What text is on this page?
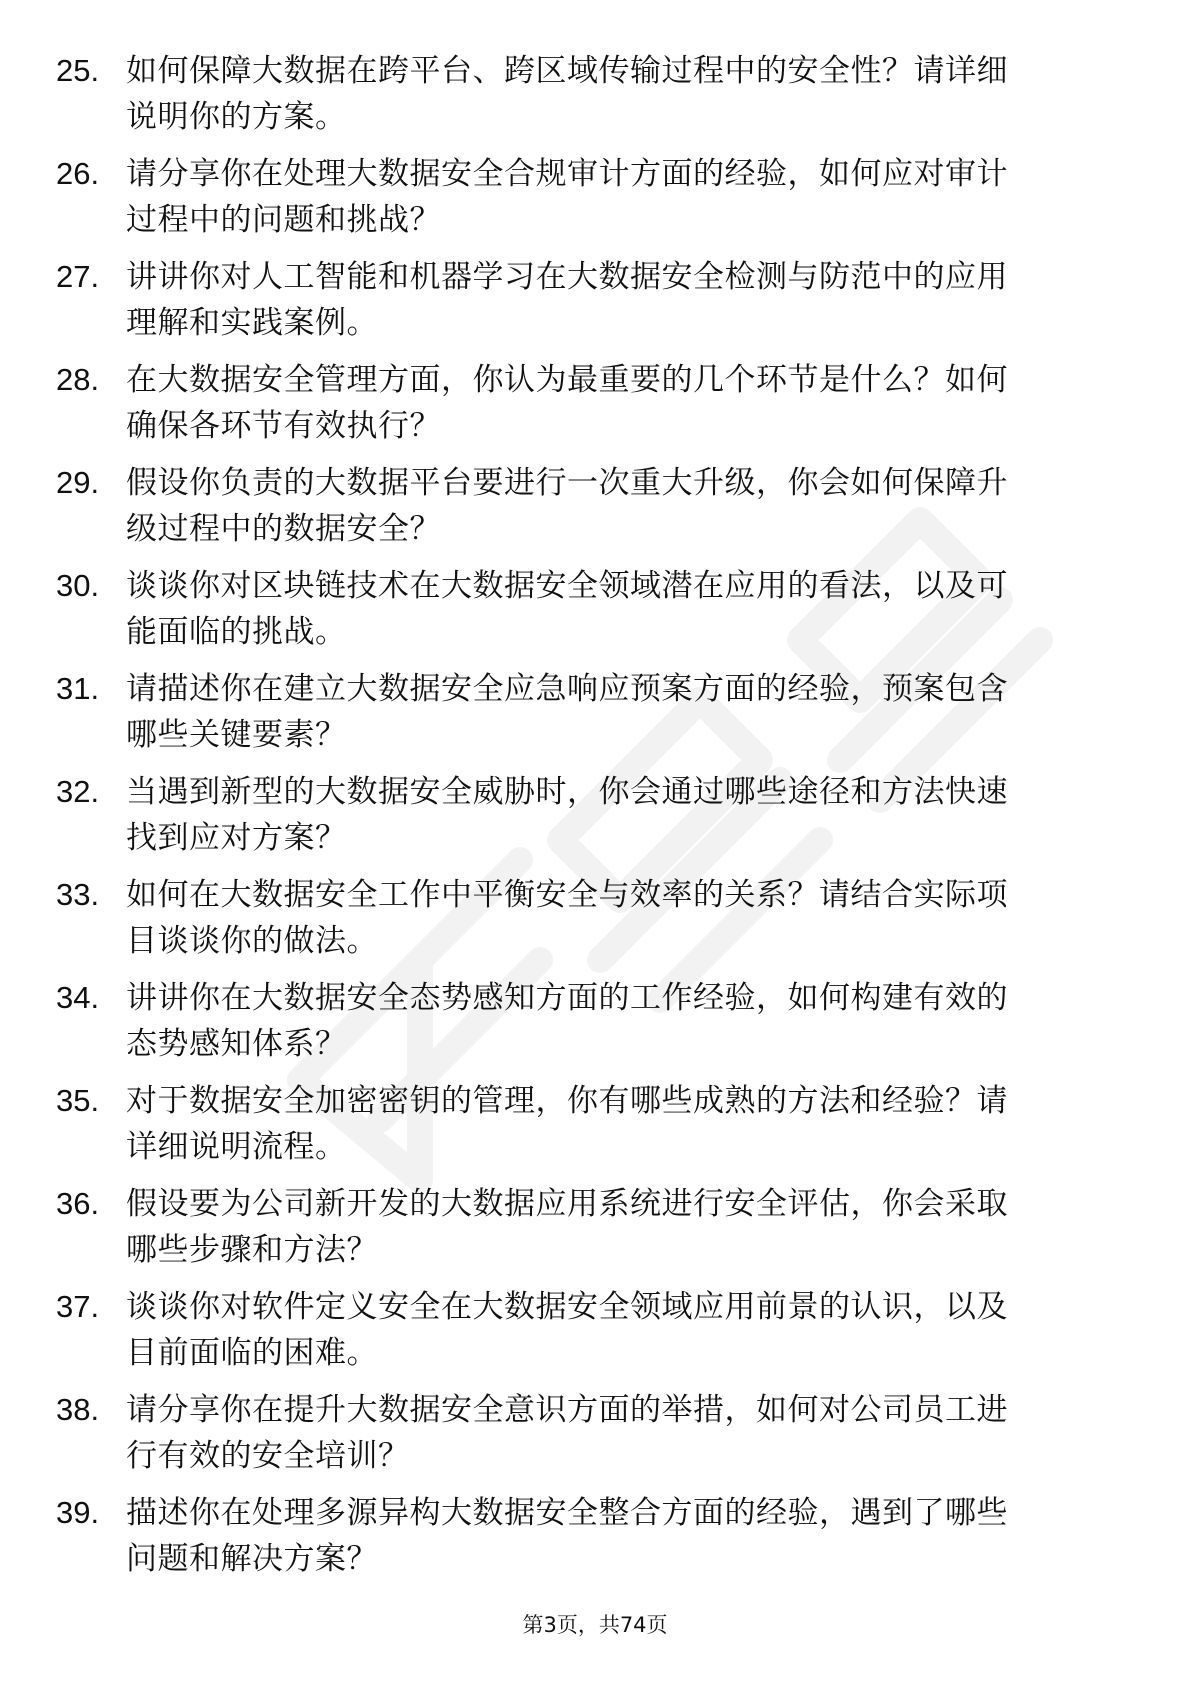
25. 如何保障大数据在跨平台、跨区域传输过程中的安全性？请详细
说明你的方案。
26. 请分享你在处理大数据安全合规审计方面的经验，如何应对审计
过程中的问题和挑战？
27. 讲讲你对人工智能和机器学习在大数据安全检测与防范中的应用
理解和实践案例。
28. 在大数据安全管理方面，你认为最重要的几个环节是什么？如何
确保各环节有效执行？
29. 假设你负责的大数据平台要进行一次重大升级，你会如何保障升
级过程中的数据安全？
30. 谈谈你对区块链技术在大数据安全领域潜在应用的看法，以及可
能面临的挑战。
31. 请描述你在建立大数据安全应急响应预案方面的经验，预案包含
哪些关键要素？
32. 当遇到新型的大数据安全威胁时，你会通过哪些途径和方法快速
找到应对方案？
33. 如何在大数据安全工作中平衡安全与效率的关系？请结合实际项
目谈谈你的做法。
34. 讲讲你在大数据安全态势感知方面的工作经验，如何构建有效的
态势感知体系？
35. 对于数据安全加密密钥的管理，你有哪些成熟的方法和经验？请
详细说明流程。
36. 假设要为公司新开发的大数据应用系统进行安全评估，你会采取
哪些步骤和方法？
37. 谈谈你对软件定义安全在大数据安全领域应用前景的认识，以及
目前面临的困难。
38. 请分享你在提升大数据安全意识方面的举措，如何对公司员工进
行有效的安全培训？
39. 描述你在处理多源异构大数据安全整合方面的经验，遇到了哪些
问题和解决方案？
第3页，共74页
